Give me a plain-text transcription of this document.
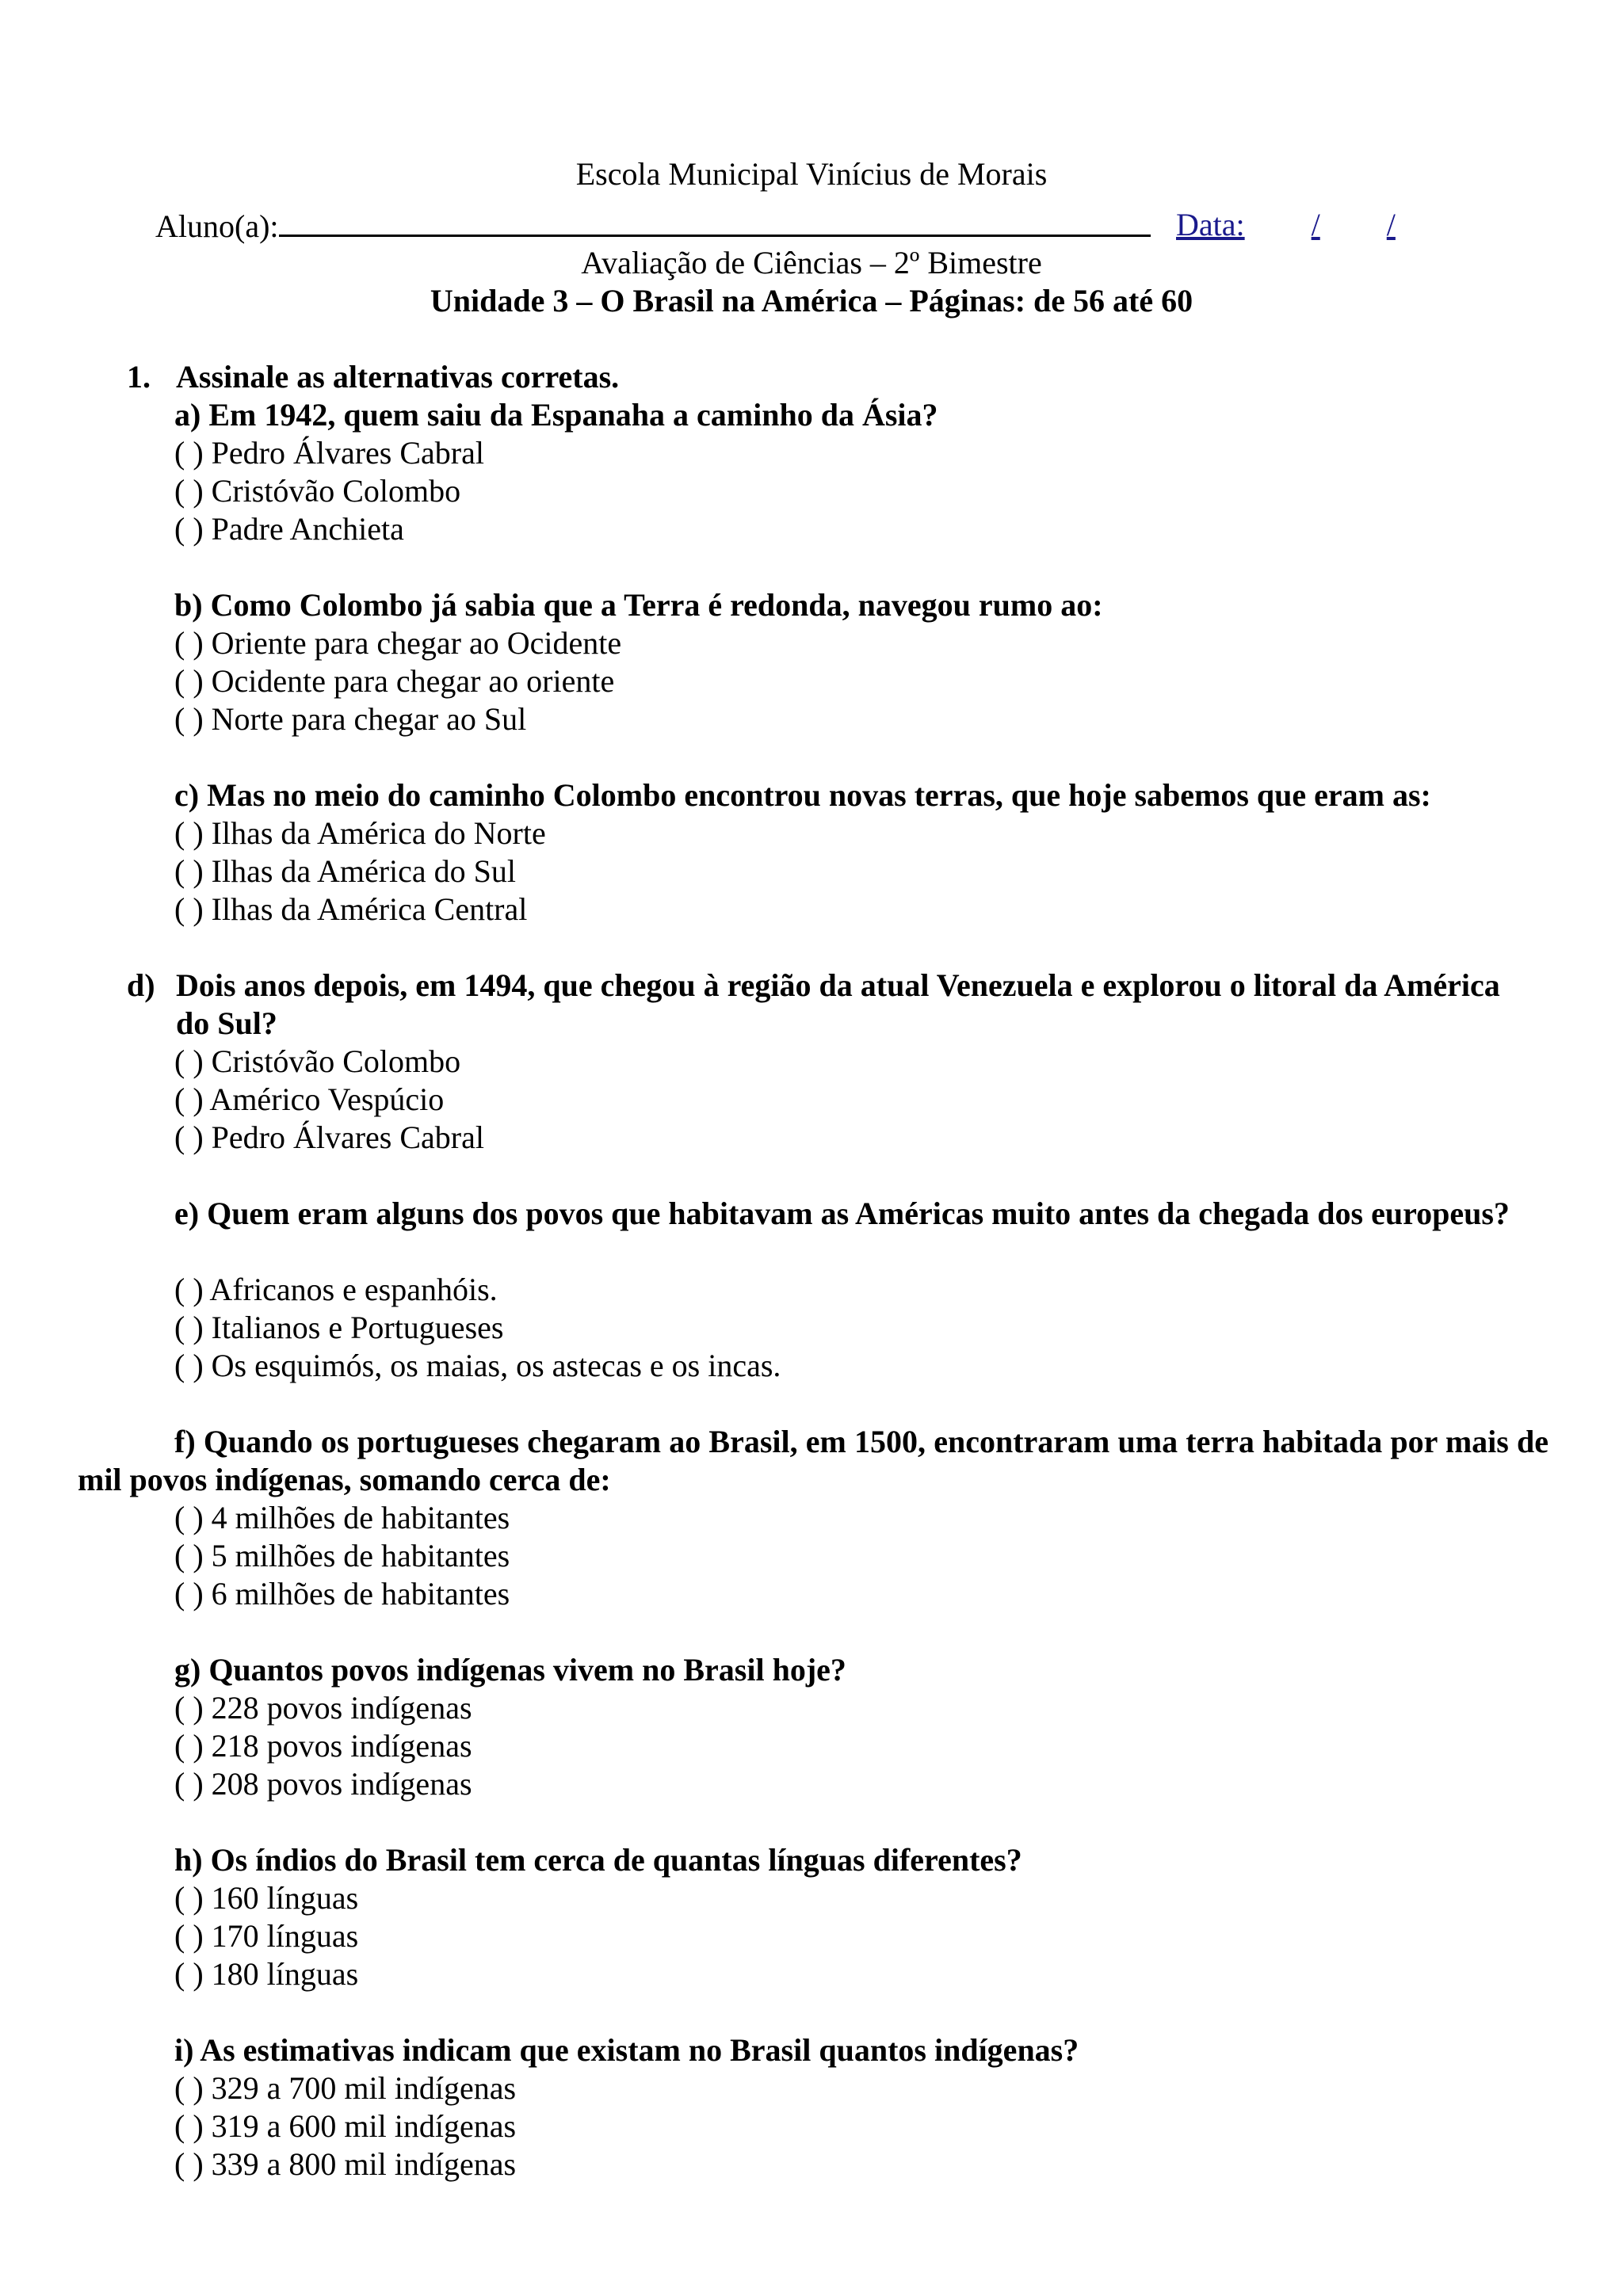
Escola Municipal Vinícius de Morais
Aluno(a):	Data: / /
Avaliação de Ciências – 2º Bimestre
Unidade 3 – O Brasil na América – Páginas: de 56 até 60
1. Assinale as alternativas corretas.
a) Em 1942, quem saiu da Espanaha a caminho da Ásia?
( ) Pedro Álvares Cabral
( ) Cristóvão Colombo
( ) Padre Anchieta
b) Como Colombo já sabia que a Terra é redonda, navegou rumo ao:
( ) Oriente para chegar ao Ocidente
( ) Ocidente para chegar ao oriente
( ) Norte para chegar ao Sul
c) Mas no meio do caminho Colombo encontrou novas terras, que hoje sabemos que eram as:
( ) Ilhas da América do Norte
( ) Ilhas da América do Sul
( ) Ilhas da América Central
d) Dois anos depois, em 1494, que chegou à região da atual Venezuela e explorou o litoral da América
do Sul?
( ) Cristóvão Colombo
( ) Américo Vespúcio
( ) Pedro Álvares Cabral
e) Quem eram alguns dos povos que habitavam as Américas muito antes da chegada dos europeus?
( ) Africanos e espanhóis.
( ) Italianos e Portugueses
( ) Os esquimós, os maias, os astecas e os incas.
f) Quando os portugueses chegaram ao Brasil, em 1500, encontraram uma terra habitada por mais de mil povos indígenas, somando cerca de:
( ) 4 milhões de habitantes
( ) 5 milhões de habitantes
( ) 6 milhões de habitantes
g) Quantos povos indígenas vivem no Brasil hoje?
( ) 228 povos indígenas
( ) 218 povos indígenas
( ) 208 povos indígenas
h) Os índios do Brasil tem cerca de quantas línguas diferentes?
( ) 160 línguas
( ) 170 línguas
( ) 180 línguas
i) As estimativas indicam que existam no Brasil quantos indígenas?
( ) 329 a 700 mil indígenas
( ) 319 a 600 mil indígenas
( ) 339 a 800 mil indígenas
